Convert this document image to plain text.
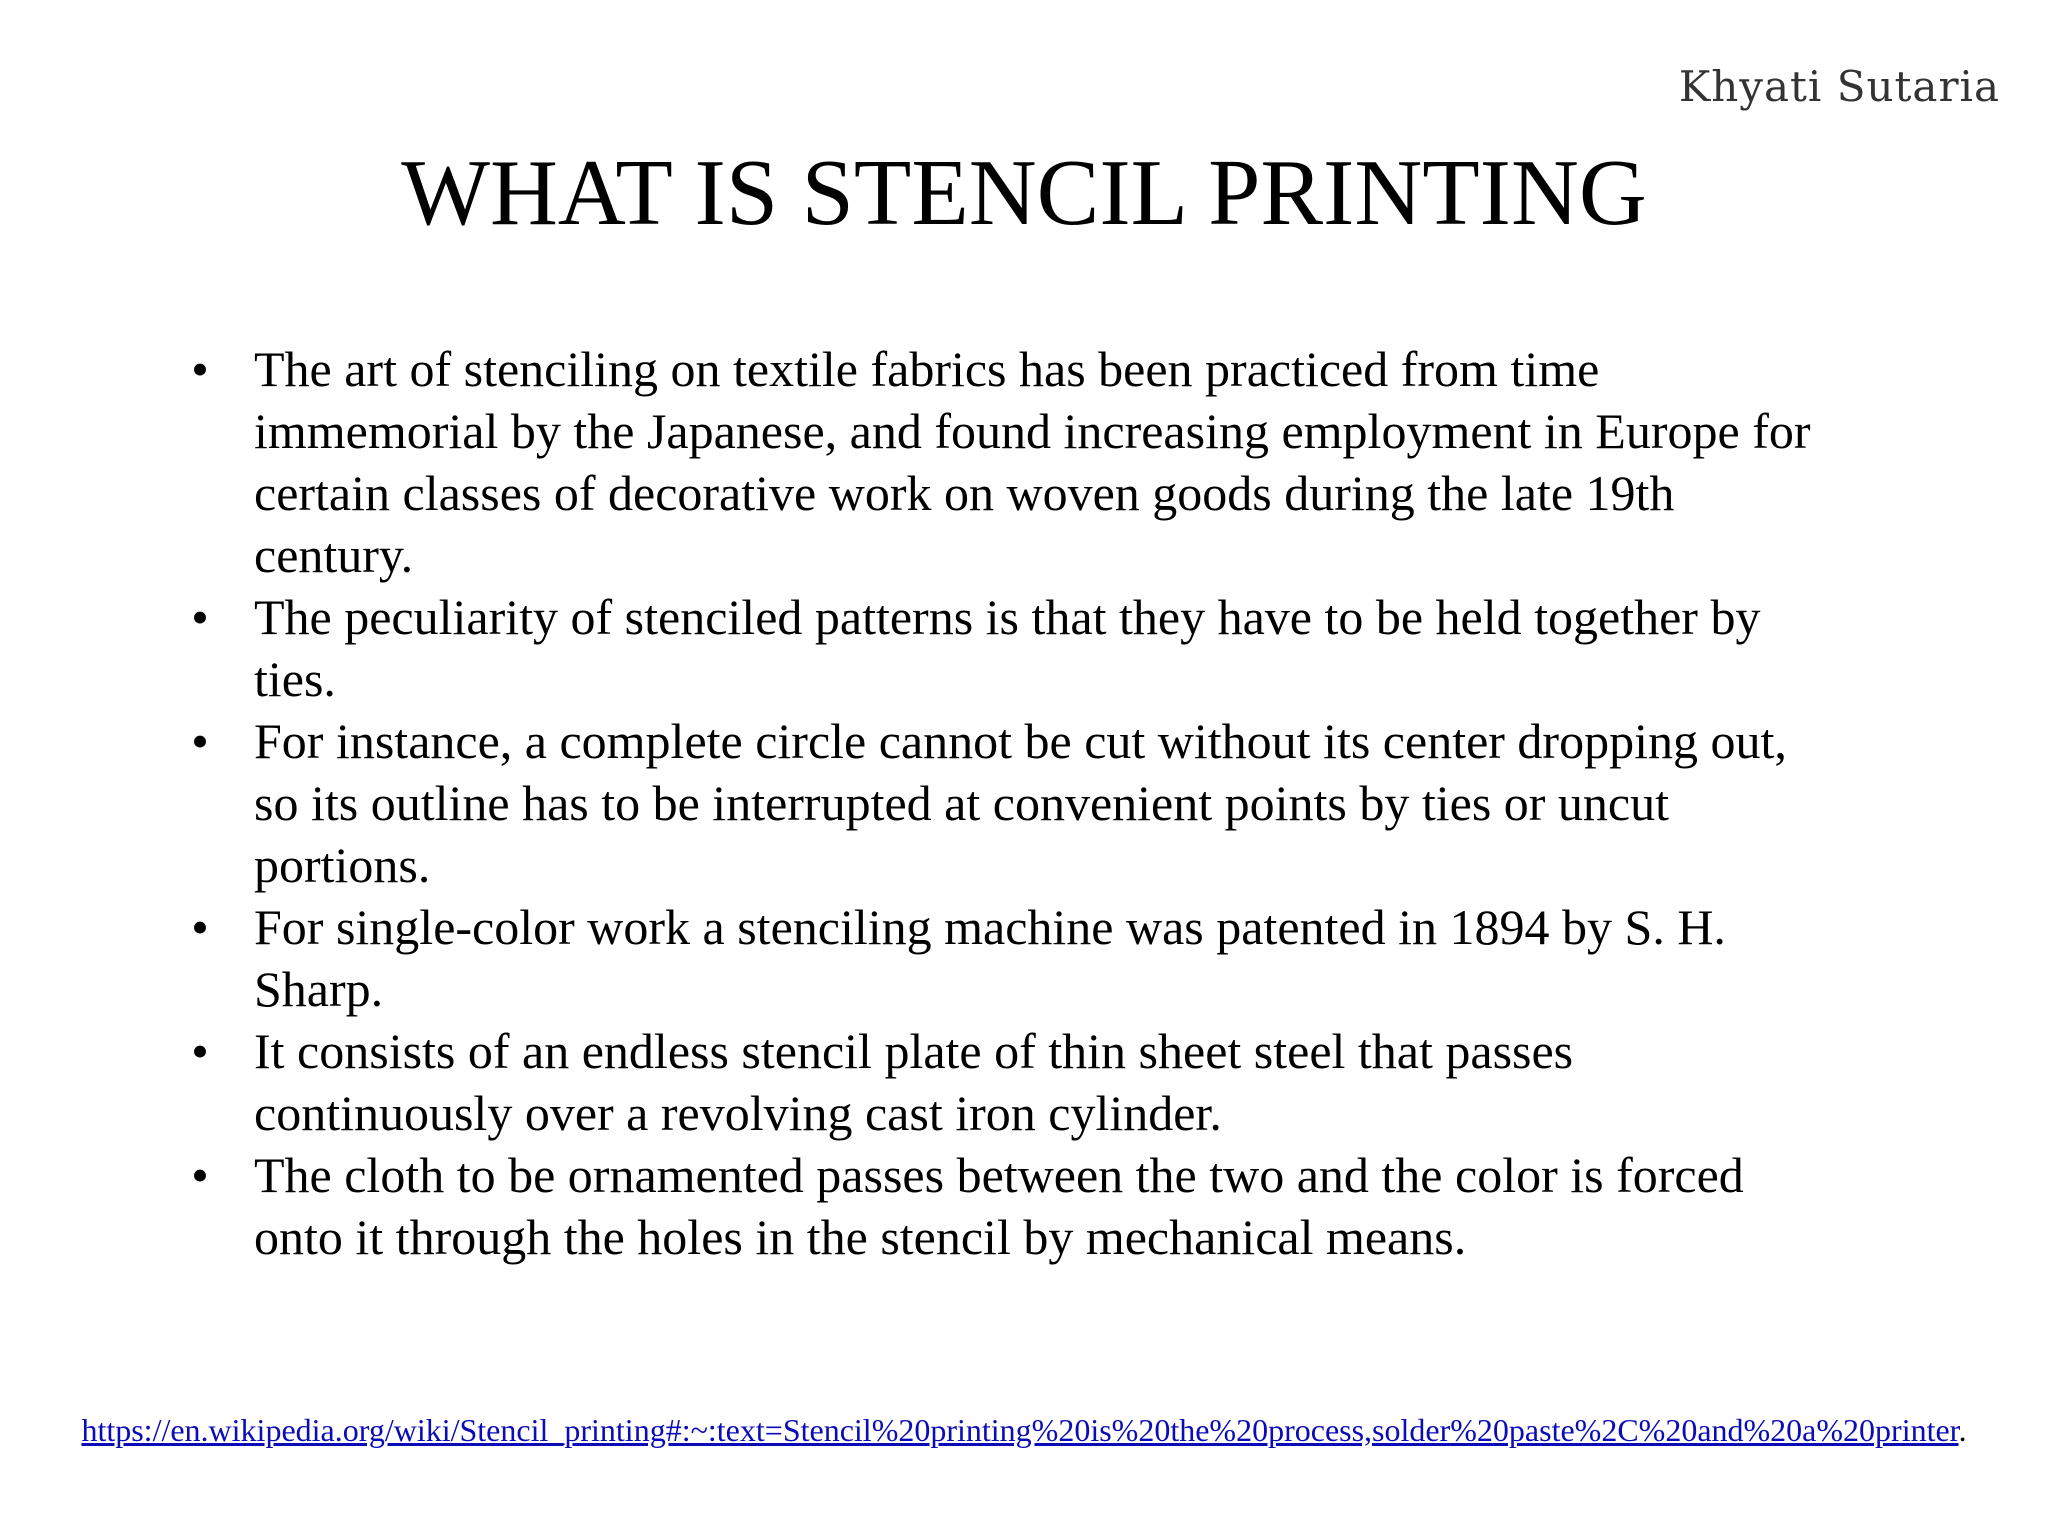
Khyati Sutaria
WHAT IS STENCIL PRINTING
• The art of stenciling on textile fabrics has been practiced from time immemorial by the Japanese, and found increasing employment in Europe for certain classes of decorative work on woven goods during the late 19th century.
• The peculiarity of stenciled patterns is that they have to be held together by ties.
• For instance, a complete circle cannot be cut without its center dropping out, so its outline has to be interrupted at convenient points by ties or uncut portions.
• For single-color work a stenciling machine was patented in 1894 by S. H. Sharp.
• It consists of an endless stencil plate of thin sheet steel that passes continuously over a revolving cast iron cylinder.
• The cloth to be ornamented passes between the two and the color is forced onto it through the holes in the stencil by mechanical means.
https://en.wikipedia.org/wiki/Stencil_printing#:~:text=Stencil%20printing%20is%20the%20process,solder%20paste%2C%20and%20a%20printer.
